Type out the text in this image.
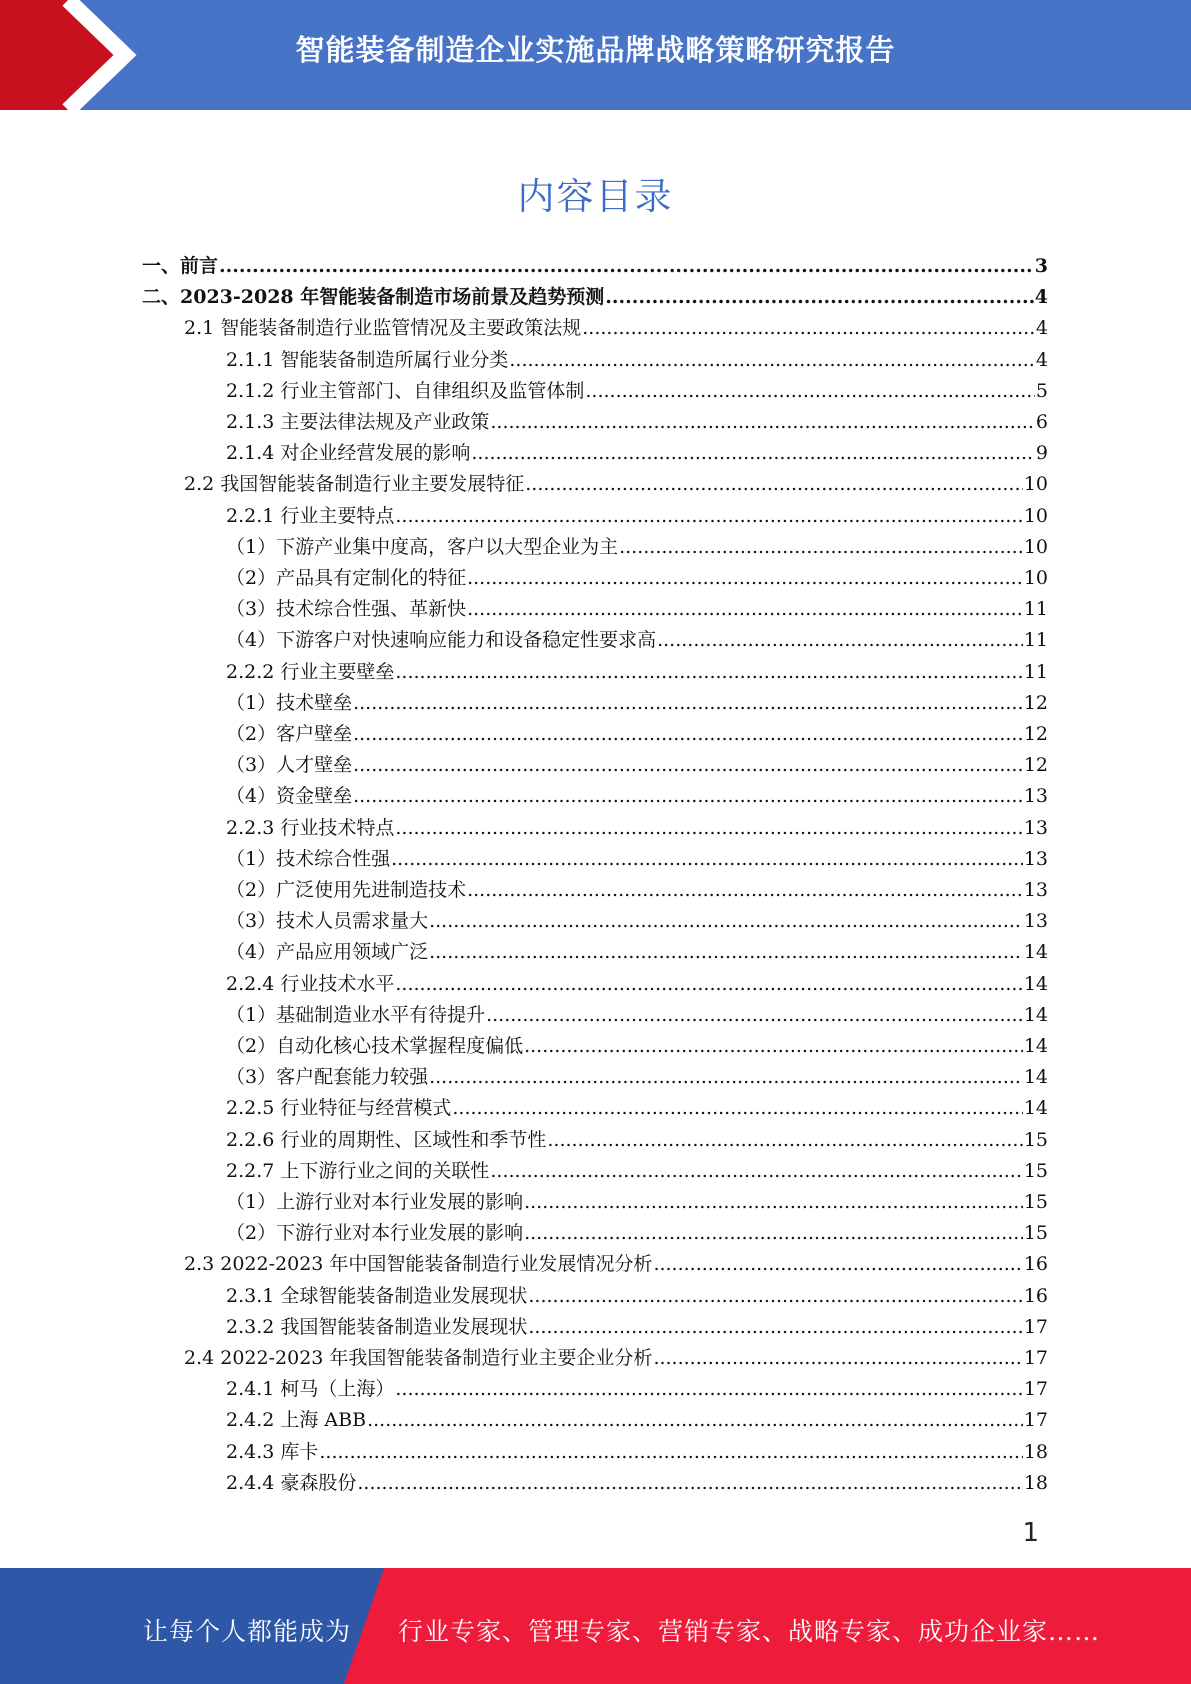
智能装备制造企业实施品牌战略策略研究报告
内容目录
一、前言 .....	3
二、2023-2028 年智能装备制造市场前景及趋势预测 .....	4
2.1 智能装备制造行业监管情况及主要政策法规 .....	4
2.1.1 智能装备制造所属行业分类 .....	4
2.1.2 行业主管部门、自律组织及监管体制 .....	5
2.1.3 主要法律法规及产业政策 .....	6
2.1.4 对企业经营发展的影响 .....	9
2.2 我国智能装备制造行业主要发展特征 .....	10
2.2.1 行业主要特点 .....	10
（1）下游产业集中度高，客户以大型企业为主 .....	10
（2）产品具有定制化的特征 .....	10
（3）技术综合性强、革新快 .....	11
（4）下游客户对快速响应能力和设备稳定性要求高 .....	11
2.2.2 行业主要壁垒 .....	11
（1）技术壁垒 .....	12
（2）客户壁垒 .....	12
（3）人才壁垒 .....	12
（4）资金壁垒 .....	13
2.2.3 行业技术特点 .....	13
（1）技术综合性强 .....	13
（2）广泛使用先进制造技术 .....	13
（3）技术人员需求量大 .....	13
（4）产品应用领域广泛 .....	14
2.2.4 行业技术水平 .....	14
（1）基础制造业水平有待提升 .....	14
（2）自动化核心技术掌握程度偏低 .....	14
（3）客户配套能力较强 .....	14
2.2.5 行业特征与经营模式 .....	14
2.2.6 行业的周期性、区域性和季节性 .....	15
2.2.7 上下游行业之间的关联性 .....	15
（1）上游行业对本行业发展的影响 .....	15
（2）下游行业对本行业发展的影响 .....	15
2.3 2022-2023 年中国智能装备制造行业发展情况分析 .....	16
2.3.1 全球智能装备制造业发展现状 .....	16
2.3.2 我国智能装备制造业发展现状 .....	17
2.4 2022-2023 年我国智能装备制造行业主要企业分析 .....	17
2.4.1 柯马（上海） .....	17
2.4.2 上海 ABB .....	17
2.4.3 库卡 .....	18
2.4.4 豪森股份 .....	18
1
让每个人都能成为 行业专家、管理专家、营销专家、战略专家、成功企业家……
